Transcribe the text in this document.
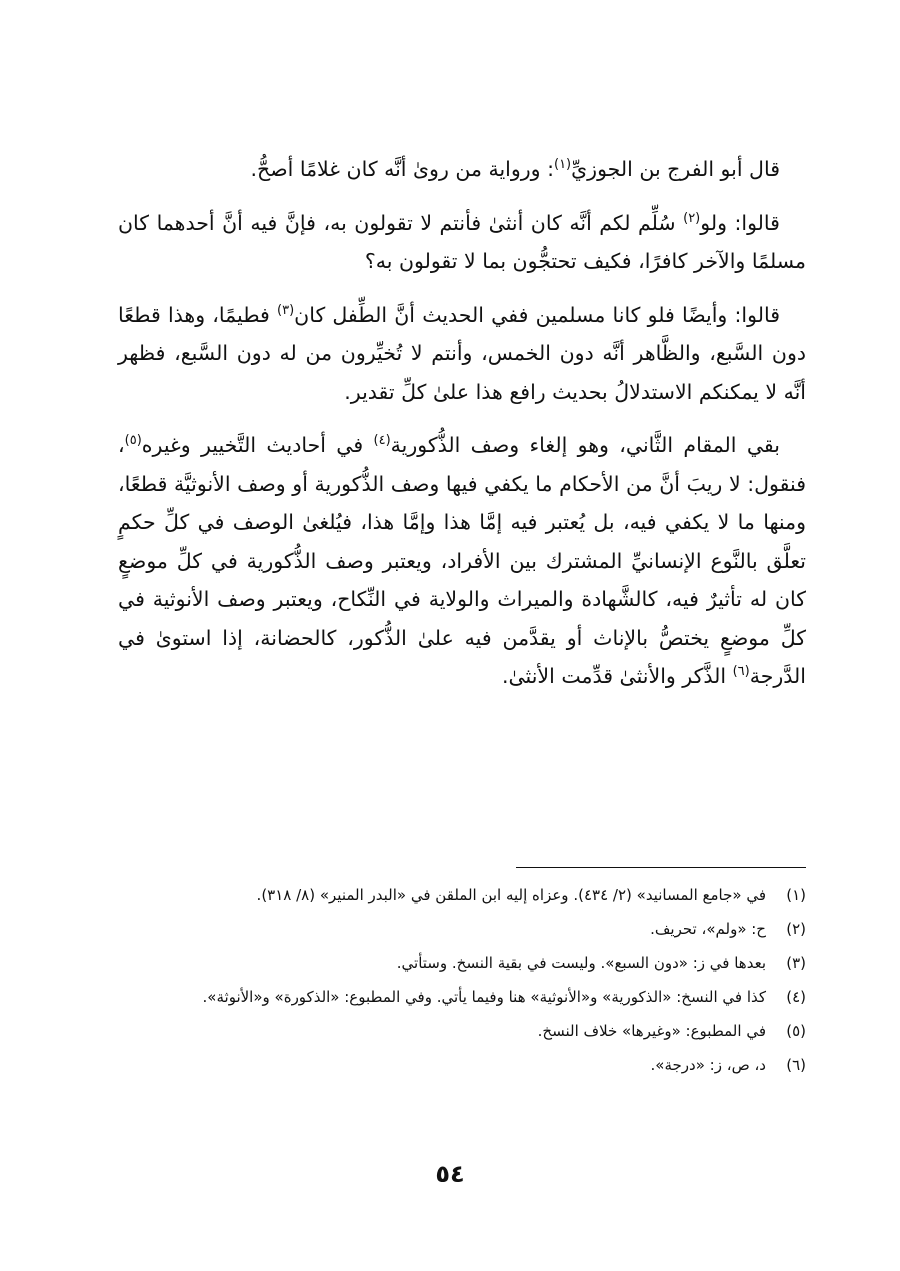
قال أبو الفرج بن الجوزيِّ$^{(١)}$: ورواية من روىٰ أنَّه كان غلامًا أصحُّ.

قالوا: ولو$^{(٢)}$ سُلِّم لكم أنَّه كان أنثىٰ فأنتم لا تقولون به، فإنَّ فيه أنَّ أحدهما كان مسلمًا والآخر كافرًا، فكيف تحتجُّون بما لا تقولون به؟

قالوا: وأيضًا فلو كانا مسلمين ففي الحديث أنَّ الطِّفل كان$^{(٣)}$ فطيمًا، وهذا قطعًا دون السَّبع، والظَّاهر أنَّه دون الخمس، وأنتم لا تُخيِّرون من له دون السَّبع، فظهر أنَّه لا يمكنكم الاستدلالُ بحديث رافع هذا علىٰ كلِّ تقدير.

بقي المقام الثَّاني، وهو إلغاء وصف الذُّكورية$^{(٤)}$ في أحاديث التَّخيير وغيره$^{(٥)}$، فنقول: لا ريبَ أنَّ من الأحكام ما يكفي فيها وصف الذُّكورية أو وصف الأنوثيَّة قطعًا، ومنها ما لا يكفي فيه، بل يُعتبر فيه إمَّا هذا وإمَّا هذا، فيُلغىٰ الوصف في كلِّ حكمٍ تعلَّق بالنَّوع الإنسانيِّ المشترك بين الأفراد، ويعتبر وصف الذُّكورية في كلِّ موضعٍ كان له تأثيرٌ فيه، كالشَّهادة والميراث والولاية في النِّكاح، ويعتبر وصف الأنوثية في كلِّ موضعٍ يختصُّ بالإناث أو يقدَّمن فيه علىٰ الذُّكور، كالحضانة، إذا استوىٰ في الدَّرجة$^{(٦)}$ الذَّكر والأنثىٰ قدِّمت الأنثىٰ.

(١)
في «جامع المسانيد» (٢/ ٤٣٤). وعزاه إليه ابن الملقن في «البدر المنير» (٨/ ٣١٨).
(٢)
ح: «ولم»، تحريف.
(٣)
بعدها في ز: «دون السبع». وليست في بقية النسخ. وستأتي.
(٤)
كذا في النسخ: «الذكورية» و«الأنوثية» هنا وفيما يأتي. وفي المطبوع: «الذكورة» و«الأنوثة».
(٥)
في المطبوع: «وغيرها» خلاف النسخ.
(٦)
د، ص، ز: «درجة».
٥٤
